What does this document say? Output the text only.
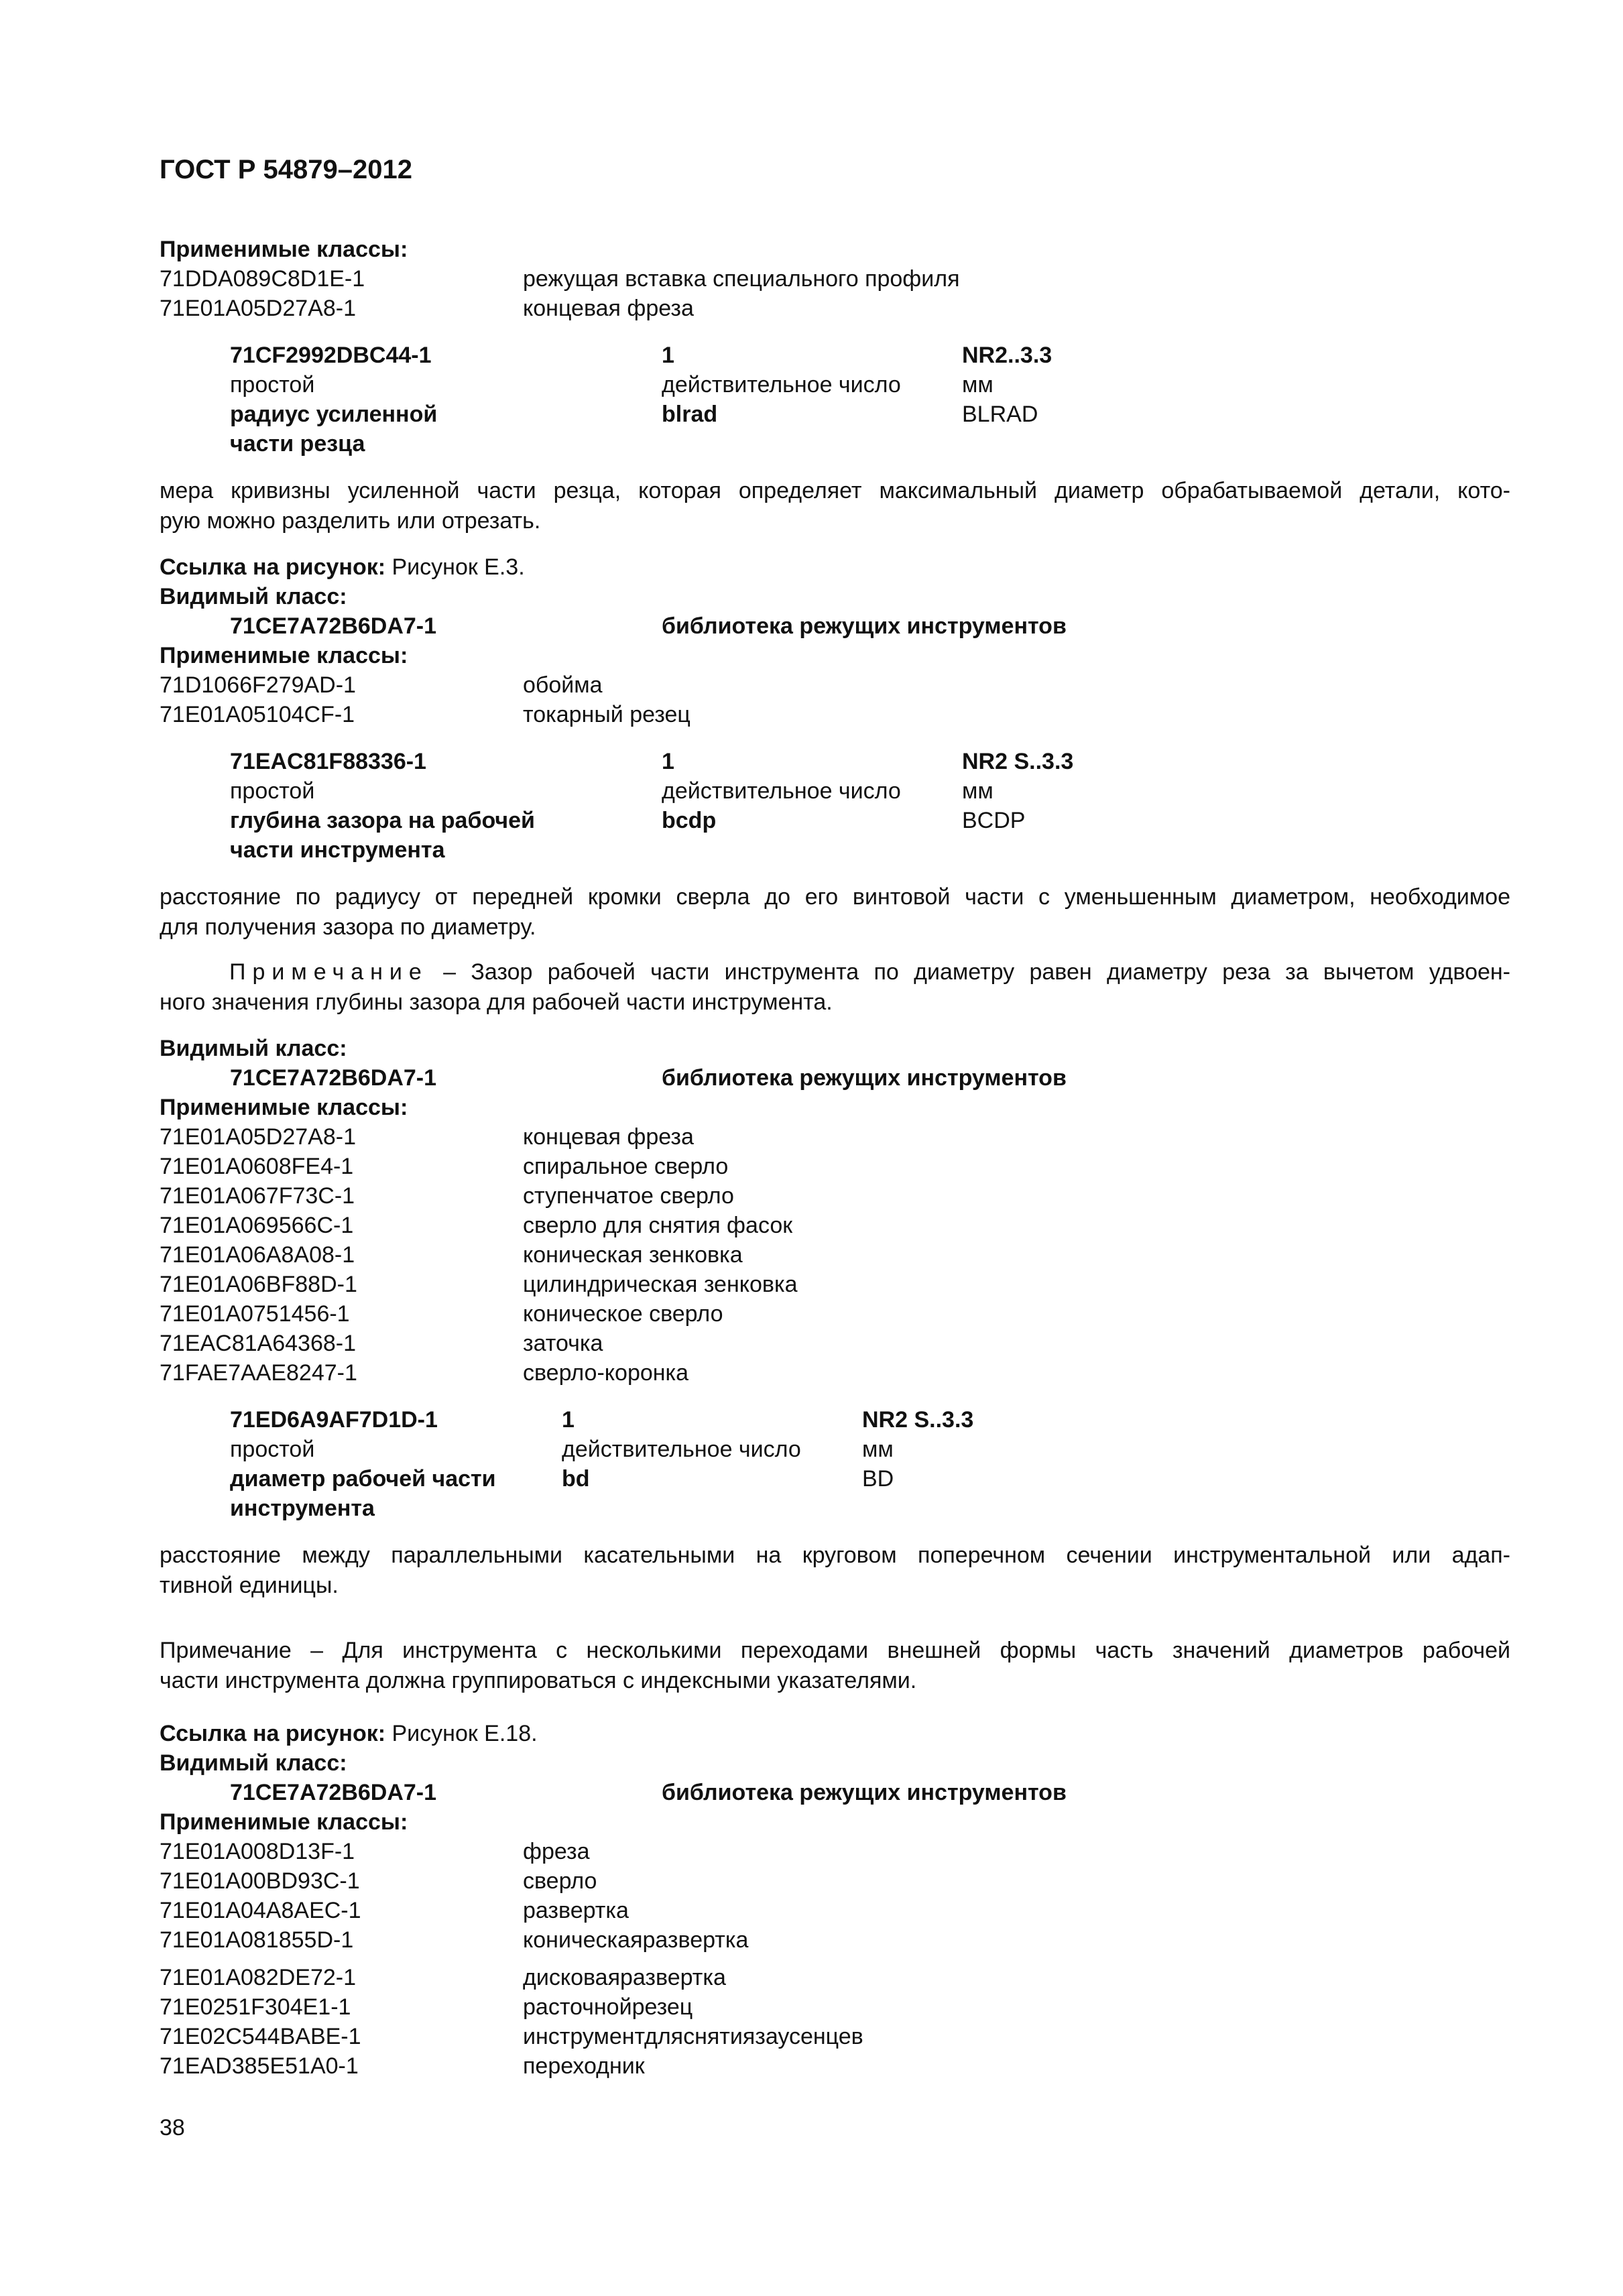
ГОСТ Р 54879–2012
Применимые классы:
71DDA089C8D1E-1	режущая вставка специального профиля
71E01A05D27A8-1	концевая фреза
71CF2992DBC44-1	1	NR2..3.3
простой	действительное число	мм
радиус усиленной	blrad	BLRAD
части резца
мера кривизны усиленной части резца, которая определяет максимальный диаметр обрабатываемой детали, кото-
рую можно разделить или отрезать.
Ссылка на рисунок: Рисунок Е.3.
Видимый класс:
71CE7A72B6DA7-1	библиотека режущих инструментов
Применимые классы:
71D1066F279AD-1	обойма
71E01A05104CF-1	токарный резец
71EAC81F88336-1	1	NR2 S..3.3
простой	действительное число	мм
глубина зазора на рабочей	bcdp	BCDP
части инструмента
расстояние по радиусу от передней кромки сверла до его винтовой части с уменьшенным диаметром, необходимое
для получения зазора по диаметру.
Примечание – Зазор рабочей части инструмента по диаметру равен диаметру реза за вычетом удвоен-
ного значения глубины зазора для рабочей части инструмента.
Видимый класс:
71CE7A72B6DA7-1	библиотека режущих инструментов
Применимые классы:
71E01A05D27A8-1	концевая фреза
71E01A0608FE4-1	спиральное сверло
71E01A067F73C-1	ступенчатое сверло
71E01A069566C-1	сверло для снятия фасок
71E01A06A8A08-1	коническая зенковка
71E01A06BF88D-1	цилиндрическая зенковка
71E01A0751456-1	коническое сверло
71EAC81A64368-1	заточка
71FAE7AAE8247-1	сверло-коронка
71ED6A9AF7D1D-1	1	NR2 S..3.3
простой	действительное число	мм
диаметр рабочей части	bd	BD
инструмента
расстояние между параллельными касательными на круговом поперечном сечении инструментальной или адап-
тивной единицы.
Примечание – Для инструмента с несколькими переходами внешней формы часть значений диаметров рабочей
части инструмента должна группироваться с индексными указателями.
Ссылка на рисунок: Рисунок Е.18.
Видимый класс:
71CE7A72B6DA7-1	библиотека режущих инструментов
Применимые классы:
71E01A008D13F-1	фреза
71E01A00BD93C-1	сверло
71E01A04A8AEC-1	развертка
71E01A081855D-1	коническаяразвертка
71E01A082DE72-1	дисковаяразвертка
71E0251F304E1-1	расточнойрезец
71E02C544BABE-1	инструментдляснятиязаусенцев
71EAD385E51A0-1	переходник
38
